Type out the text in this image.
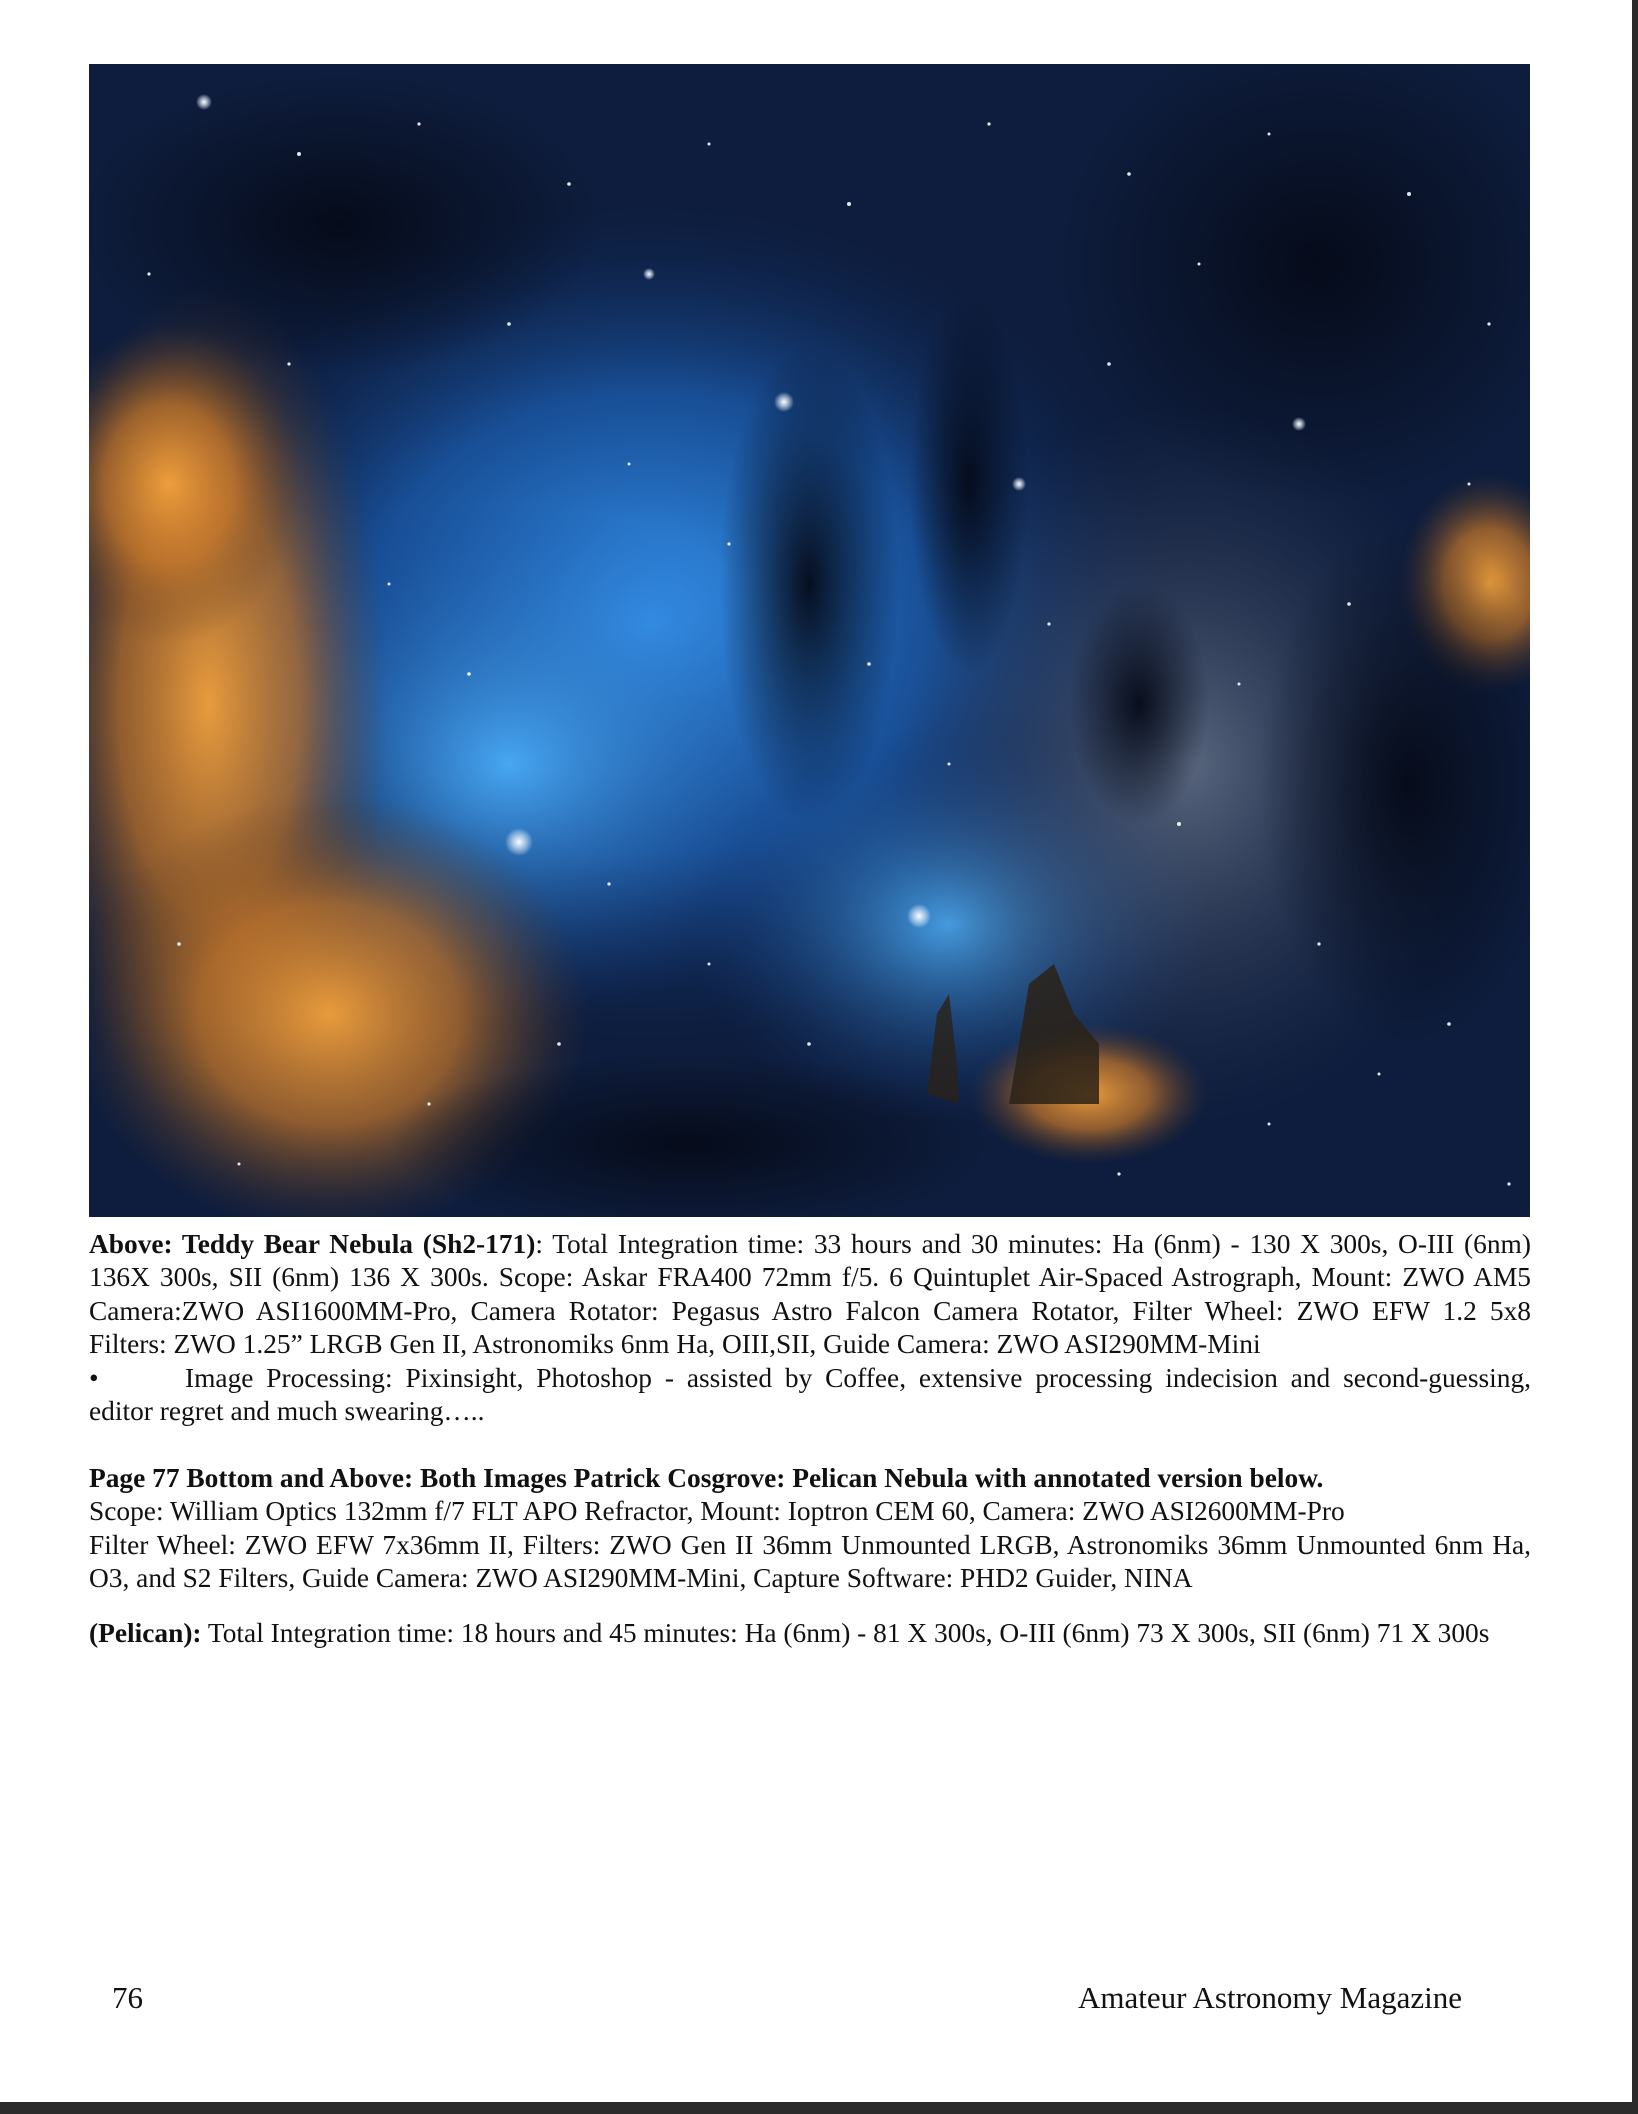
Above: Teddy Bear Nebula (Sh2-171): Total Integration time: 33 hours and 30 minutes: Ha (6nm) - 130 X 300s, O-III (6nm)

136X 300s, SII (6nm) 136 X 300s. Scope: Askar FRA400 72mm f/5. 6 Quintuplet Air-Spaced Astrograph, Mount: ZWO AM5

Camera:ZWO ASI1600MM-Pro, Camera Rotator: Pegasus Astro Falcon Camera Rotator, Filter Wheel: ZWO EFW 1.2 5x8

Filters: ZWO 1.25” LRGB Gen II, Astronomiks 6nm Ha, OIII,SII, Guide Camera: ZWO ASI290MM-Mini

•	Image Processing: Pixinsight, Photoshop - assisted by Coffee, extensive processing indecision and second-guessing,

editor regret and much swearing…..

Page 77 Bottom and Above: Both Images Patrick Cosgrove: Pelican Nebula with annotated version below.

Scope: William Optics 132mm f/7 FLT APO Refractor, Mount: Ioptron CEM 60, Camera: ZWO ASI2600MM-Pro

Filter Wheel: ZWO EFW 7x36mm II, Filters: ZWO Gen II 36mm Unmounted LRGB, Astronomiks 36mm Unmounted 6nm Ha,

O3, and S2 Filters, Guide Camera: ZWO ASI290MM-Mini, Capture Software: PHD2 Guider, NINA

(Pelican): Total Integration time: 18 hours and 45 minutes: Ha (6nm) - 81 X 300s, O-III (6nm) 73 X 300s, SII (6nm) 71 X 300s

76	Amateur Astronomy Magazine
